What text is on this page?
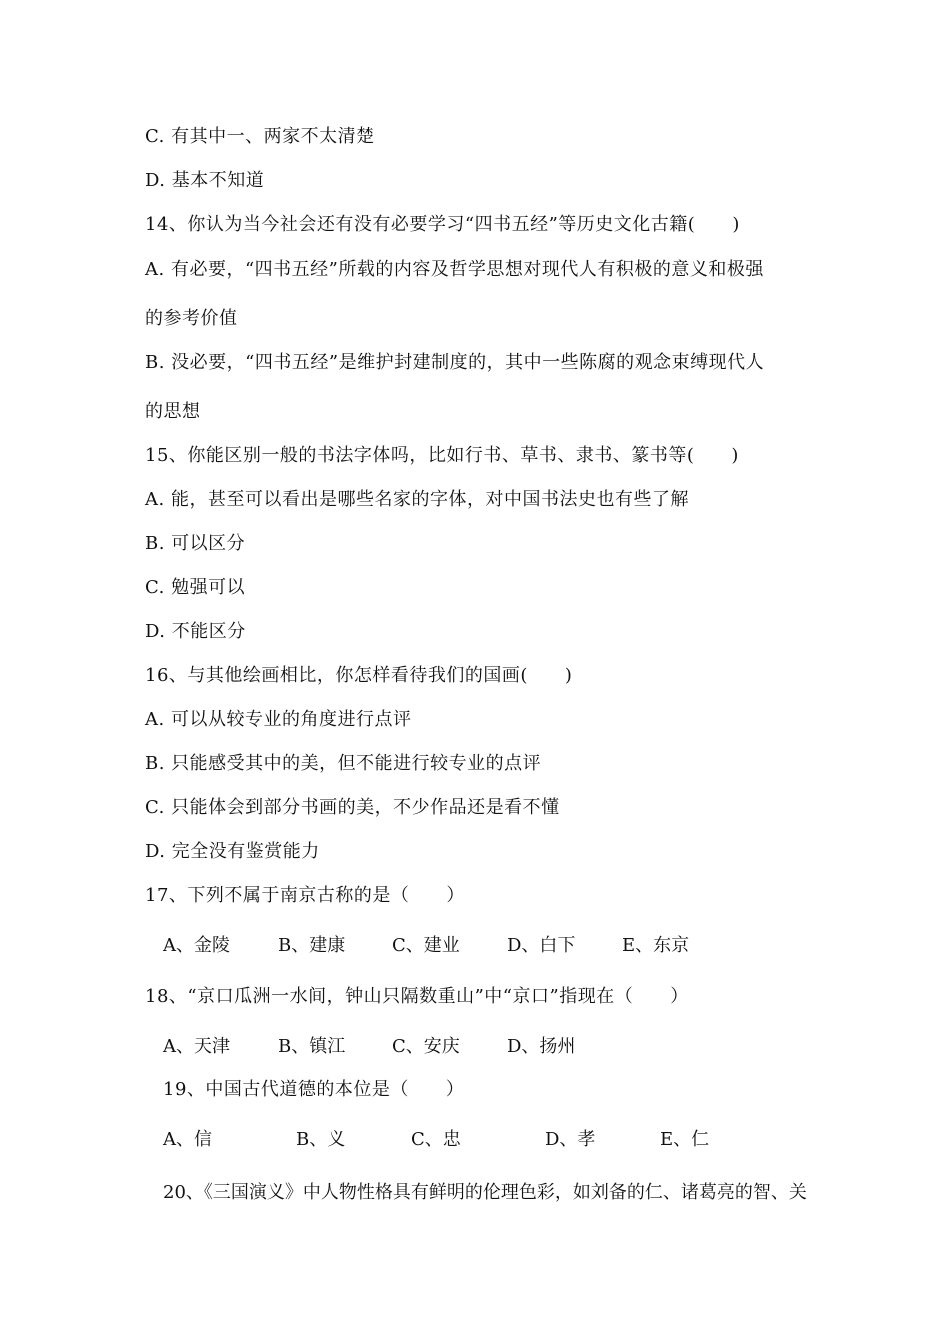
C. 有其中一、两家不太清楚
D. 基本不知道
14、你认为当今社会还有没有必要学习“四书五经”等历史文化古籍(　　)
A. 有必要，“四书五经”所载的内容及哲学思想对现代人有积极的意义和极强
的参考价值
B. 没必要，“四书五经”是维护封建制度的，其中一些陈腐的观念束缚现代人
的思想
15、你能区别一般的书法字体吗，比如行书、草书、隶书、篆书等(　　)
A. 能，甚至可以看出是哪些名家的字体，对中国书法史也有些了解
B. 可以区分
C. 勉强可以
D. 不能区分
16、与其他绘画相比，你怎样看待我们的国画(　　)
A. 可以从较专业的角度进行点评
B. 只能感受其中的美，但不能进行较专业的点评
C. 只能体会到部分书画的美，不少作品还是看不懂
D. 完全没有鉴赏能力
17、下列不属于南京古称的是（　　）
A、金陵	B、建康	C、建业	D、白下	E、东京
18、“京口瓜洲一水间，钟山只隔数重山”中“京口”指现在（　　）
A、天津	B、镇江	C、安庆	D、扬州
19、中国古代道德的本位是（　　）
A、信	B、义	C、忠	D、孝	E、仁
20、《三国演义》中人物性格具有鲜明的伦理色彩，如刘备的仁、诸葛亮的智、关
